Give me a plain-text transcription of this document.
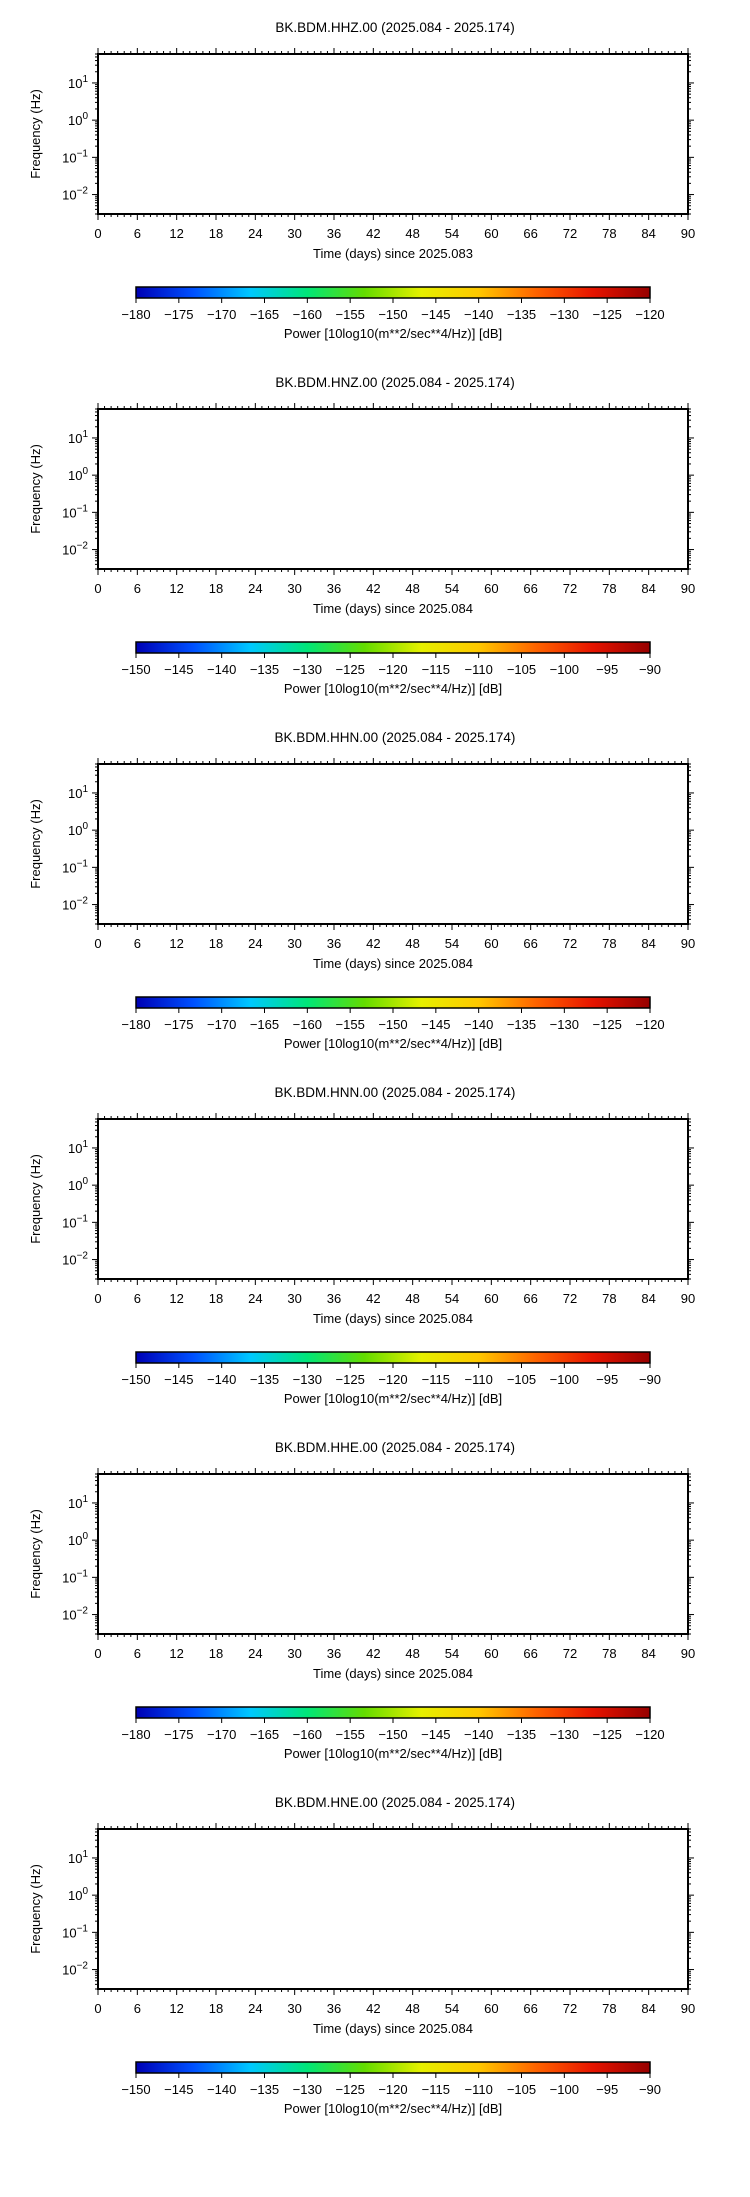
BK.BDM.HHZ.00 (2025.084 - 2025.174)
0 6 12 18 24 30 36 42 48 54 60 66 72 78 84 90
Time (days) since 2025.083
$10^1$
$10^0$
$10^{-1}$
$10^{-2}$
Frequency (Hz)
−180 −175 −170 −165 −160 −155 −150 −145 −140 −135 −130 −125 −120
Power [10log10(m**2/sec**4/Hz)] [dB]
BK.BDM.HNZ.00 (2025.084 - 2025.174)
0 6 12 18 24 30 36 42 48 54 60 66 72 78 84 90
Time (days) since 2025.084
$10^1$
$10^0$
$10^{-1}$
$10^{-2}$
Frequency (Hz)
−150 −145 −140 −135 −130 −125 −120 −115 −110 −105 −100 −95 −90
Power [10log10(m**2/sec**4/Hz)] [dB]
BK.BDM.HHN.00 (2025.084 - 2025.174)
0 6 12 18 24 30 36 42 48 54 60 66 72 78 84 90
Time (days) since 2025.084
$10^1$
$10^0$
$10^{-1}$
$10^{-2}$
Frequency (Hz)
−180 −175 −170 −165 −160 −155 −150 −145 −140 −135 −130 −125 −120
Power [10log10(m**2/sec**4/Hz)] [dB]
BK.BDM.HNN.00 (2025.084 - 2025.174)
0 6 12 18 24 30 36 42 48 54 60 66 72 78 84 90
Time (days) since 2025.084
$10^1$
$10^0$
$10^{-1}$
$10^{-2}$
Frequency (Hz)
−150 −145 −140 −135 −130 −125 −120 −115 −110 −105 −100 −95 −90
Power [10log10(m**2/sec**4/Hz)] [dB]
BK.BDM.HHE.00 (2025.084 - 2025.174)
0 6 12 18 24 30 36 42 48 54 60 66 72 78 84 90
Time (days) since 2025.084
$10^1$
$10^0$
$10^{-1}$
$10^{-2}$
Frequency (Hz)
−180 −175 −170 −165 −160 −155 −150 −145 −140 −135 −130 −125 −120
Power [10log10(m**2/sec**4/Hz)] [dB]
BK.BDM.HNE.00 (2025.084 - 2025.174)
0 6 12 18 24 30 36 42 48 54 60 66 72 78 84 90
Time (days) since 2025.084
$10^1$
$10^0$
$10^{-1}$
$10^{-2}$
Frequency (Hz)
−150 −145 −140 −135 −130 −125 −120 −115 −110 −105 −100 −95 −90
Power [10log10(m**2/sec**4/Hz)] [dB]
